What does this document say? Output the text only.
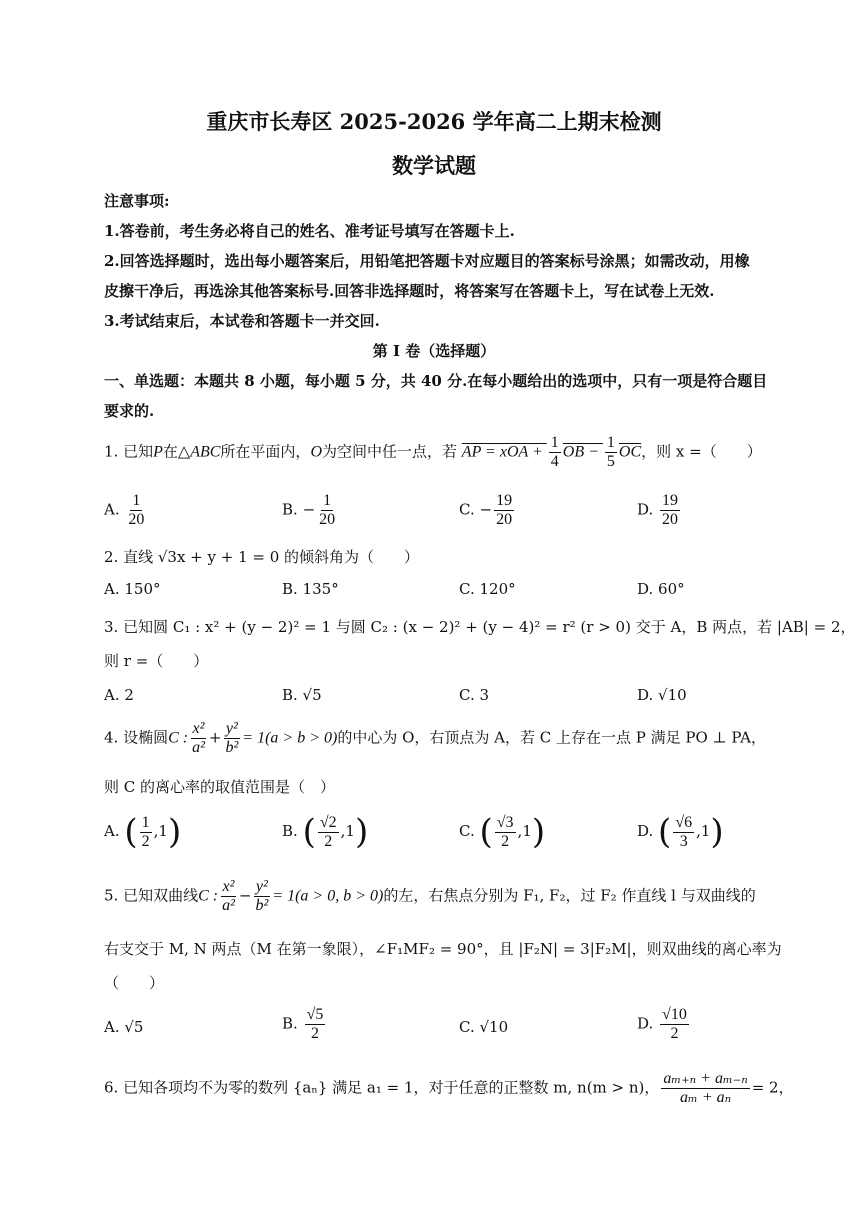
重庆市长寿区 2025-2026 学年高二上期末检测
数学试题
注意事项:
1.答卷前，考生务必将自己的姓名、准考证号填写在答题卡上.
2.回答选择题时，选出每小题答案后，用铅笔把答题卡对应题目的答案标号涂黑；如需改动，用橡
皮擦干净后，再选涂其他答案标号.回答非选择题时，将答案写在答题卡上，写在试卷上无效.
3.考试结束后，本试卷和答题卡一并交回.
第 I 卷（选择题）
一、单选题：本题共 8 小题，每小题 5 分，共 40 分.在每小题给出的选项中，只有一项是符合题目
要求的.
1. 已知P在△ABC所在平面内，O为空间中任一点，若 AP = xOA + $\frac{1}{4}$ OB − $\frac{1}{5} \overline{OC}$，则 x =（　　）
A. $\frac{1}{20}$	B. − $\frac{1}{20}$	C. − $\frac{19}{20}$	D. $\frac{19}{20}$
2. 直线 √3x + y + 1 = 0 的倾斜角为（　　）
A. 150°	B. 135°	C. 120°	D. 60°
3. 已知圆 C₁ : x² + (y − 2)² = 1 与圆 C₂ : (x − 2)² + (y − 4)² = r² (r > 0) 交于 A，B 两点，若 |AB| = 2，
则 r =（　　）
A. 2	B. √5	C. 3	D. √10
4. 设椭圆C : $\frac{\text{x²}}{\text{a²}} + \frac{\text{y²}}{\text{b²}} = 1(a > b > 0)$的中心为 O，右顶点为 A，若 C 上存在一点 P 满足 PO ⊥ PA，
则 C 的离心率的取值范围是（　）
A. ( $\frac{1}{2} ,1$)	B. ( $\frac{√2}{2} ,1$)	C. ( $\frac{√3}{2} ,1$)	D. ( $\frac{√6}{3} ,1$)
5. 已知双曲线C : $\frac{\text{x²}}{\text{a²}} - \frac{\text{y²}}{\text{b²}} = 1(a > 0$, b > 0)的左，右焦点分别为 F₁, F₂，过 F₂ 作直线 l 与双曲线的
右支交于 M, N 两点（M 在第一象限），∠F₁MF₂ = 90°，且 |F₂N| = 3|F₂M|，则双曲线的离心率为
（　　）
A. √5	B. $\frac{√5}{2}$	C. √10	D. $\frac{√10}{2}$
6. 已知各项均不为零的数列 {aₙ} 满足 a₁ = 1，对于任意的正整数 m, n(m > n)， $\frac{\text{aₘ₊ₙ + aₘ₋ₙ}}{\text{aₘ + aₙ}} = 2$，
